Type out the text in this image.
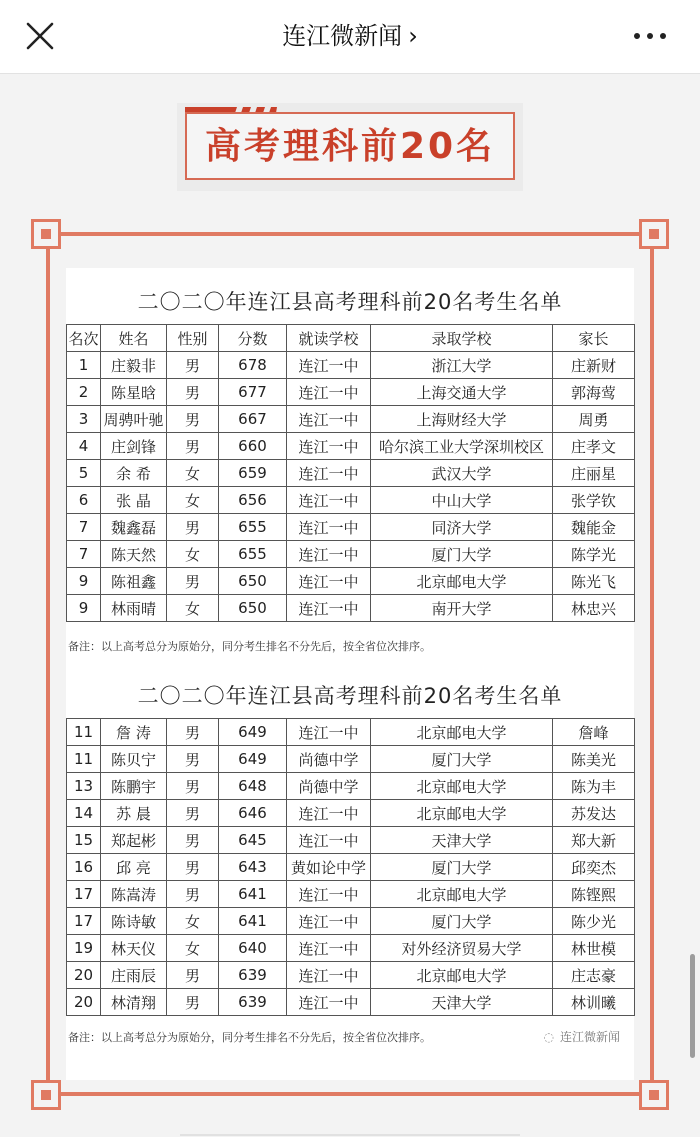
连江微新闻 ›
高考理科前20名
二〇二〇年连江县高考理科前20名考生名单
名次	姓名	性别	分数	就读学校	录取学校	家长
1	庄毅非	男	678	连江一中	浙江大学	庄新财
2	陈星晗	男	677	连江一中	上海交通大学	郭海莺
3	周骋叶驰	男	667	连江一中	上海财经大学	周勇
4	庄剑锋	男	660	连江一中	哈尔滨工业大学深圳校区	庄孝文
5	余 希	女	659	连江一中	武汉大学	庄丽星
6	张 晶	女	656	连江一中	中山大学	张学钦
7	魏鑫磊	男	655	连江一中	同济大学	魏能金
7	陈天然	女	655	连江一中	厦门大学	陈学光
9	陈祖鑫	男	650	连江一中	北京邮电大学	陈光飞
9	林雨晴	女	650	连江一中	南开大学	林忠兴
备注：以上高考总分为原始分，同分考生排名不分先后，按全省位次排序。
二〇二〇年连江县高考理科前20名考生名单
11	詹 涛	男	649	连江一中	北京邮电大学	詹峰
11	陈贝宁	男	649	尚德中学	厦门大学	陈美光
13	陈鹏宇	男	648	尚德中学	北京邮电大学	陈为丰
14	苏 晨	男	646	连江一中	北京邮电大学	苏发达
15	郑起彬	男	645	连江一中	天津大学	郑大新
16	邱 亮	男	643	黄如论中学	厦门大学	邱奕杰
17	陈嵩涛	男	641	连江一中	北京邮电大学	陈铿熙
17	陈诗敏	女	641	连江一中	厦门大学	陈少光
19	林天仪	女	640	连江一中	对外经济贸易大学	林世模
20	庄雨辰	男	639	连江一中	北京邮电大学	庄志豪
20	林清翔	男	639	连江一中	天津大学	林训曦
备注：以上高考总分为原始分，同分考生排名不分先后，按全省位次排序。	◌ 连江微新闻
